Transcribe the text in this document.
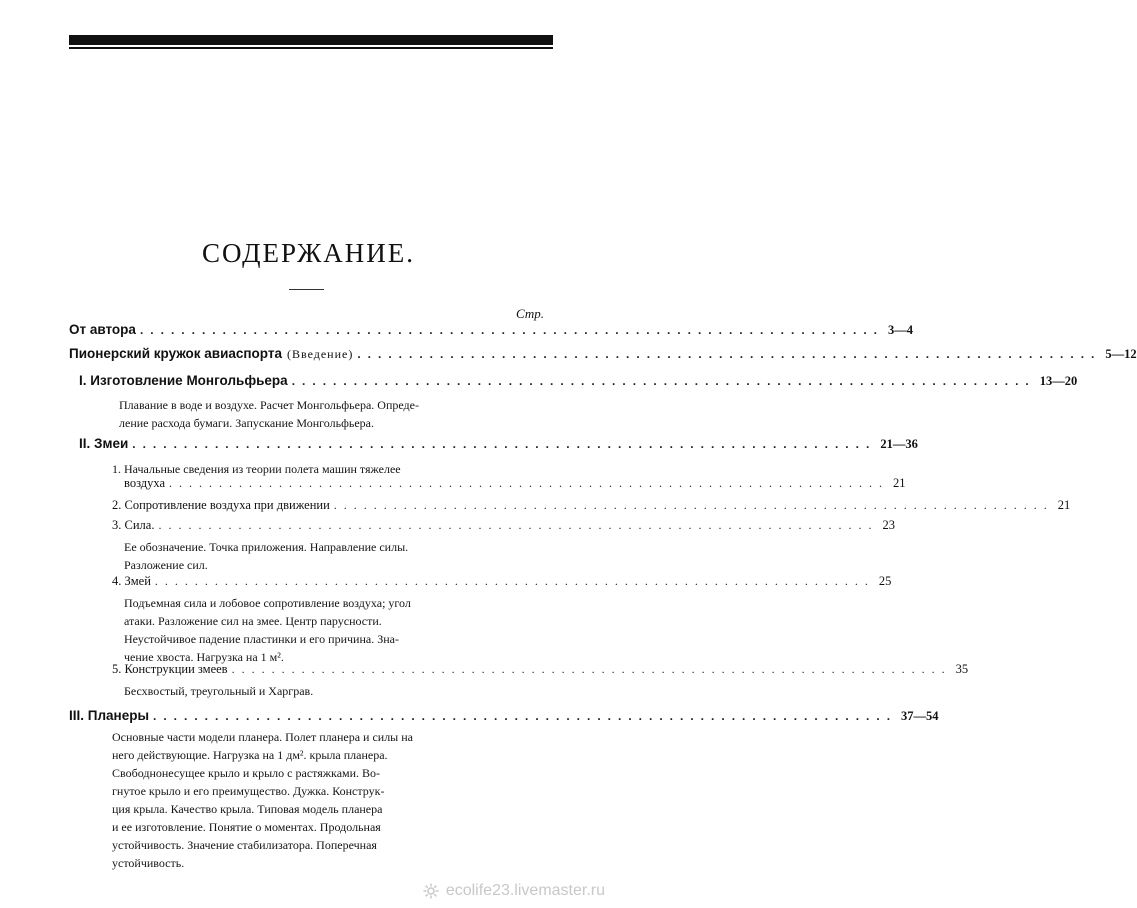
СОДЕРЖАНИЕ.
Стр.
От автора ........................................................................ 3—4
Пионерский кружок авиаспорта (Введение) ........................................................................ 5—12
I. Изготовление Монгольфьера ........................................................................ 13—20
Плавание в воде и воздухе. Расчет Монгольфьера. Опреде-
ление расхода бумаги. Запускание Монгольфьера.
II. Змеи ........................................................................ 21—36
1. Начальные сведения из теории полета машин тяжелее
воздуха ........................................................................ 21
2. Сопротивление воздуха при движении ........................................................................ 21
3. Сила. ........................................................................ 23
Ее обозначение. Точка приложения. Направление силы.
Разложение сил.
4. Змей ........................................................................ 25
Подъемная сила и лобовое сопротивление воздуха; угол
атаки. Разложение сил на змее. Центр парусности.
Неустойчивое падение пластинки и его причина. Зна-
чение хвоста. Нагрузка на 1 м².
5. Конструкции змеев ........................................................................ 35
Бесхвостый, треугольный и Харграв.
III. Планеры ........................................................................ 37—54
Основные части модели планера. Полет планера и силы на
него действующие. Нагрузка на 1 дм². крыла планера.
Свободнонесущее крыло и крыло с растяжками. Во-
гнутое крыло и его преимущество. Дужка. Конструк-
ция крыла. Качество крыла. Типовая модель планера
и ее изготовление. Понятие о моментах. Продольная
устойчивость. Значение стабилизатора. Поперечная
устойчивость.
ecolife23.livemaster.ru
